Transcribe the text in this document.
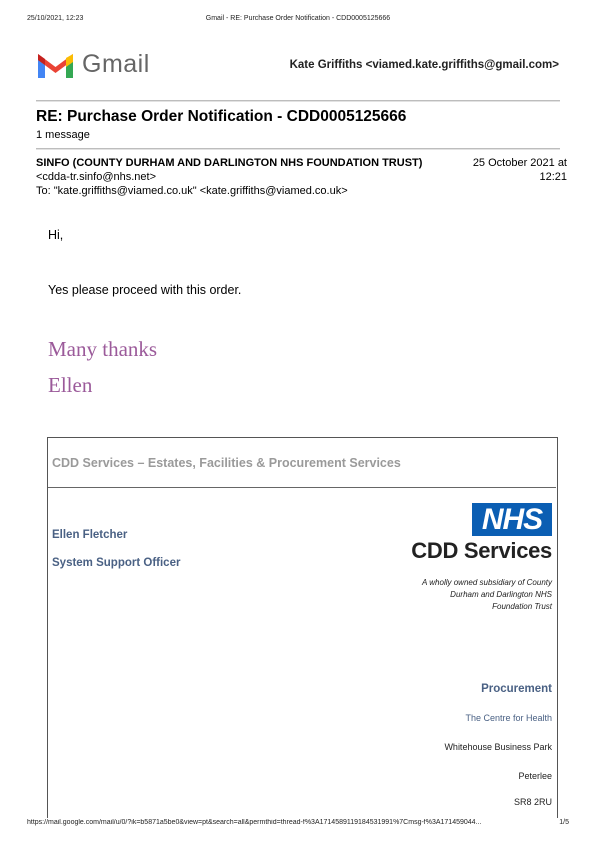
25/10/2021, 12:23	Gmail - RE: Purchase Order Notification - CDD0005125666
Gmail	Kate Griffiths <viamed.kate.griffiths@gmail.com>
RE: Purchase Order Notification - CDD0005125666
1 message
SINFO (COUNTY DURHAM AND DARLINGTON NHS FOUNDATION TRUST) <cdda-tr.sinfo@nhs.net>
25 October 2021 at
12:21
To: "kate.griffiths@viamed.co.uk" <kate.griffiths@viamed.co.uk>
Hi,
Yes please proceed with this order.
Many thanks
Ellen
CDD Services – Estates, Facilities & Procurement Services
Ellen Fletcher
System Support Officer
NHS
CDD Services
A wholly owned subsidiary of County
Durham and Darlington NHS
Foundation Trust
Procurement
The Centre for Health
Whitehouse Business Park
Peterlee
SR8 2RU
https://mail.google.com/mail/u/0/?ik=b5871a5be0&view=pt&search=all&permthid=thread-f%3A1714589119184531991%7Cmsg-f%3A171459044...	1/5
